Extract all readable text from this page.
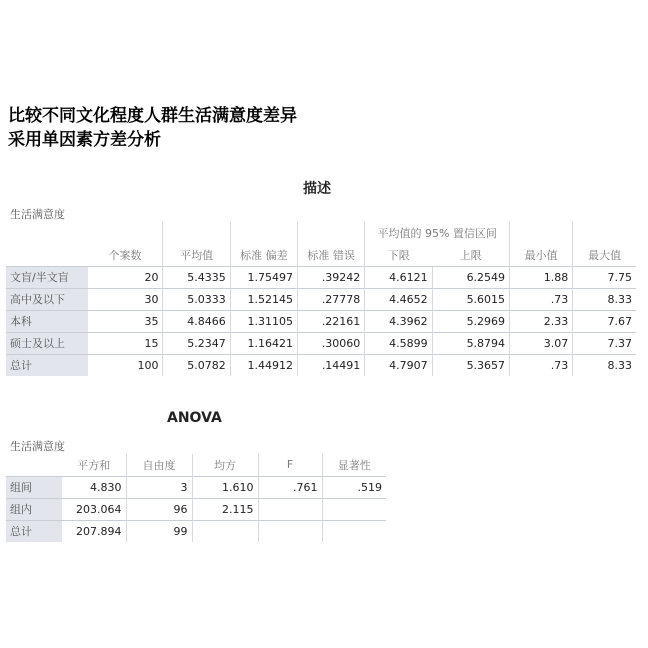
比较不同文化程度人群生活满意度差异
采用单因素方差分析
描述
生活满意度
					平均值的 95% 置信区间			
	个案数	平均值	标准 偏差	标准 错误	下限	上限	最小值	最大值
文盲/半文盲	20	5.4335	1.75497	.39242	4.6121	6.2549	1.88	7.75
高中及以下	30	5.0333	1.52145	.27778	4.4652	5.6015	.73	8.33
本科	35	4.8466	1.31105	.22161	4.3962	5.2969	2.33	7.67
硕士及以上	15	5.2347	1.16421	.30060	4.5899	5.8794	3.07	7.37
总计	100	5.0782	1.44912	.14491	4.7907	5.3657	.73	8.33
ANOVA
生活满意度
	平方和	自由度	均方	F	显著性
组间	4.830	3	1.610	.761	.519
组内	203.064	96	2.115		
总计	207.894	99			
